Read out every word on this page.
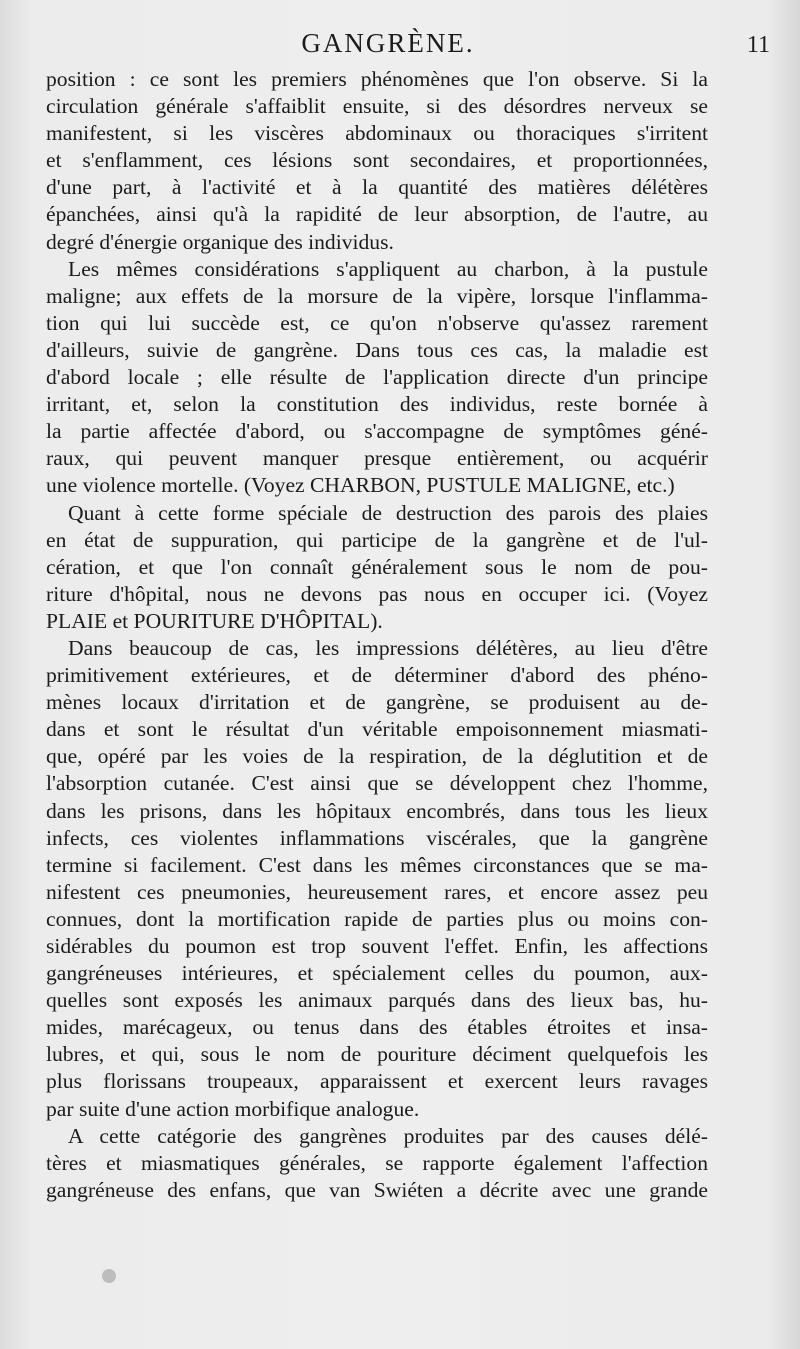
GANGRÈNE.	11
position : ce sont les premiers phénomènes que l'on observe. Si la
circulation générale s'affaiblit ensuite, si des désordres nerveux se
manifestent, si les viscères abdominaux ou thoraciques s'irritent
et s'enflamment, ces lésions sont secondaires, et proportionnées,
d'une part, à l'activité et à la quantité des matières délétères
épanchées, ainsi qu'à la rapidité de leur absorption, de l'autre, au
degré d'énergie organique des individus.
Les mêmes considérations s'appliquent au charbon, à la pustule
maligne; aux effets de la morsure de la vipère, lorsque l'inflamma-
tion qui lui succède est, ce qu'on n'observe qu'assez rarement
d'ailleurs, suivie de gangrène. Dans tous ces cas, la maladie est
d'abord locale ; elle résulte de l'application directe d'un principe
irritant, et, selon la constitution des individus, reste bornée à
la partie affectée d'abord, ou s'accompagne de symptômes géné-
raux, qui peuvent manquer presque entièrement, ou acquérir
une violence mortelle. (Voyez CHARBON, PUSTULE MALIGNE, etc.)
Quant à cette forme spéciale de destruction des parois des plaies
en état de suppuration, qui participe de la gangrène et de l'ul-
cération, et que l'on connaît généralement sous le nom de pou-
riture d'hôpital, nous ne devons pas nous en occuper ici. (Voyez
PLAIE et POURITURE D'HÔPITAL).
Dans beaucoup de cas, les impressions délétères, au lieu d'être
primitivement extérieures, et de déterminer d'abord des phéno-
mènes locaux d'irritation et de gangrène, se produisent au de-
dans et sont le résultat d'un véritable empoisonnement miasmati-
que, opéré par les voies de la respiration, de la déglutition et de
l'absorption cutanée. C'est ainsi que se développent chez l'homme,
dans les prisons, dans les hôpitaux encombrés, dans tous les lieux
infects, ces violentes inflammations viscérales, que la gangrène
termine si facilement. C'est dans les mêmes circonstances que se ma-
nifestent ces pneumonies, heureusement rares, et encore assez peu
connues, dont la mortification rapide de parties plus ou moins con-
sidérables du poumon est trop souvent l'effet. Enfin, les affections
gangréneuses intérieures, et spécialement celles du poumon, aux-
quelles sont exposés les animaux parqués dans des lieux bas, hu-
mides, marécageux, ou tenus dans des étables étroites et insa-
lubres, et qui, sous le nom de pouriture déciment quelquefois les
plus florissans troupeaux, apparaissent et exercent leurs ravages
par suite d'une action morbifique analogue.
A cette catégorie des gangrènes produites par des causes délé-
tères et miasmatiques générales, se rapporte également l'affection
gangréneuse des enfans, que van Swiéten a décrite avec une grande
